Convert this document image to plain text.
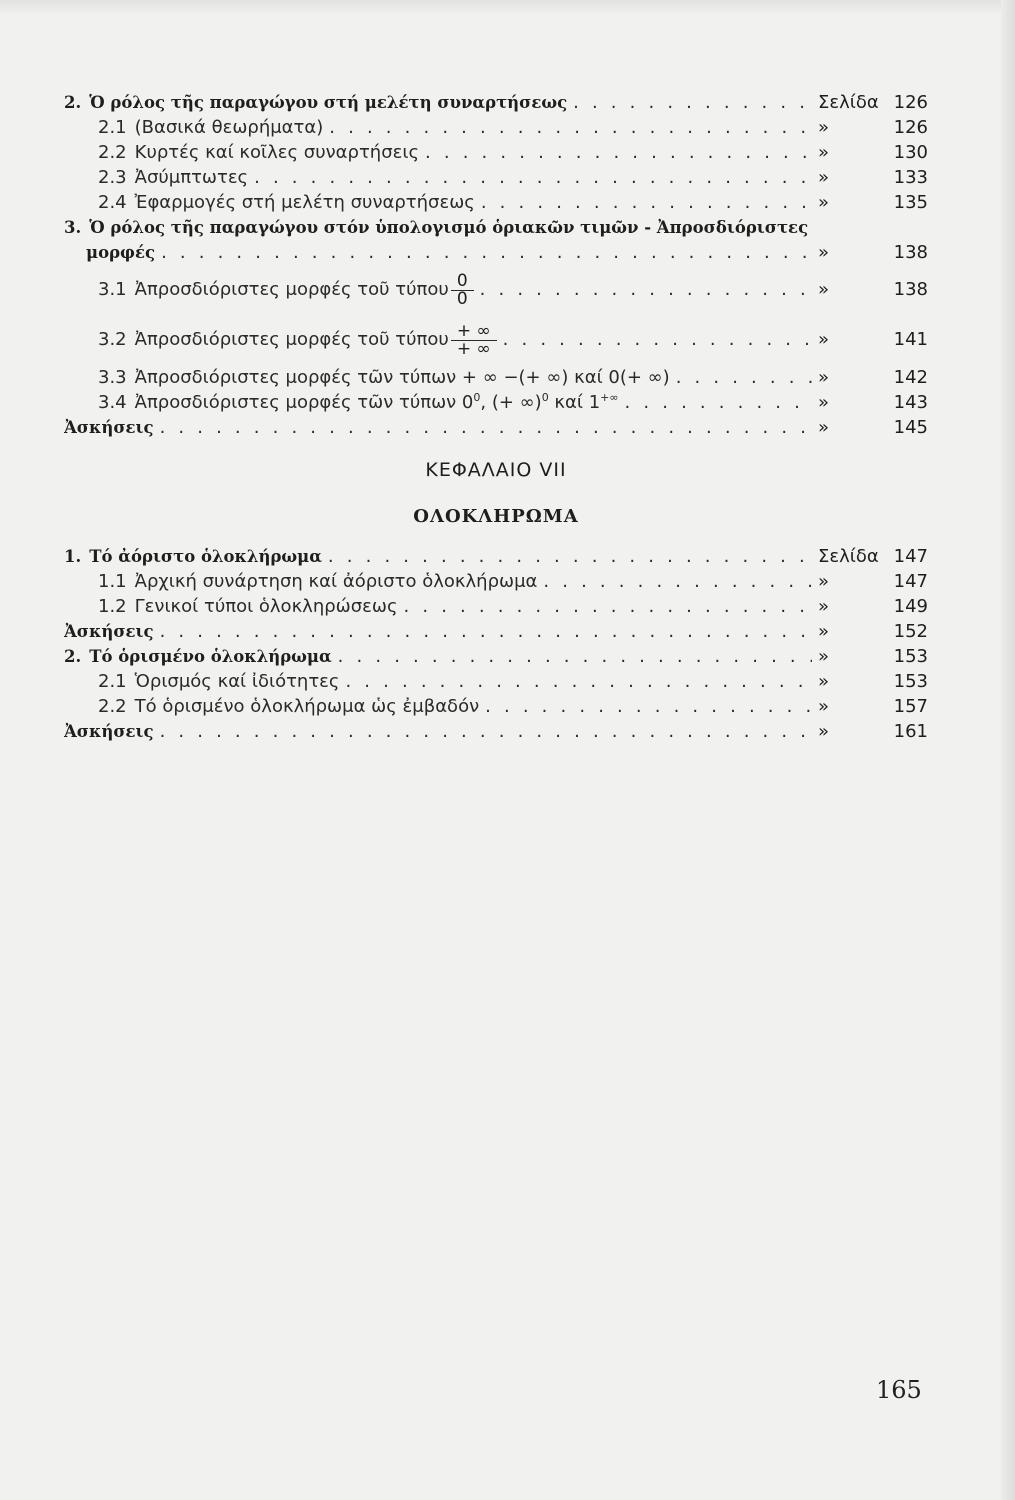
2. Ὁ ρόλος τῆς παραγώγου στή μελέτη συναρτήσεως . . .	Σελίδα 126
2.1 (Βασικά θεωρήματα) . . .	»	126
2.2 Κυρτές καί κοῖλες συναρτήσεις . . .	»	130
2.3 Ἀσύμπτωτες . . .	»	133
2.4 Ἐφαρμογές στή μελέτη συναρτήσεως . . .	»	135
3. Ὁ ρόλος τῆς παραγώγου στόν ὑπολογισμό ὁριακῶν τιμῶν - Ἀπροσδιόριστες
μορφές . . .	»	138
3.1 Ἀπροσδιόριστες μορφές τοῦ τύπου $\frac{0}{0}$ . . .	»	138
3.2 Ἀπροσδιόριστες μορφές τοῦ τύπου $\frac{+ \infty}{+ \infty}$ . . .	»	141
3.3 Ἀπροσδιόριστες μορφές τῶν τύπων + ∞ −(+ ∞) καί 0(+ ∞) . . .	»	142
3.4 Ἀπροσδιόριστες μορφές τῶν τύπων $0^0$, (+ ∞)$^0$ καί 1+∞ . . .	»	143
Ἀσκήσεις . . .	»	145
ΚΕΦΑΛΑΙΟ VII
ΟΛΟΚΛΗΡΩΜΑ
1. Τό ἀόριστο ὁλοκλήρωμα . . .	Σελίδα 147
1.1 Ἀρχική συνάρτηση καί ἀόριστο ὁλοκλήρωμα . . .	»	147
1.2 Γενικοί τύποι ὁλοκληρώσεως . . .	»	149
Ἀσκήσεις . . .	»	152
2. Τό ὁρισμένο ὁλοκλήρωμα . . .	»	153
2.1 Ὁρισμός καί ἰδιότητες . . .	»	153
2.2 Τό ὁρισμένο ὁλοκλήρωμα ὡς ἐμβαδόν . . .	»	157
Ἀσκήσεις . . .	»	161
165
